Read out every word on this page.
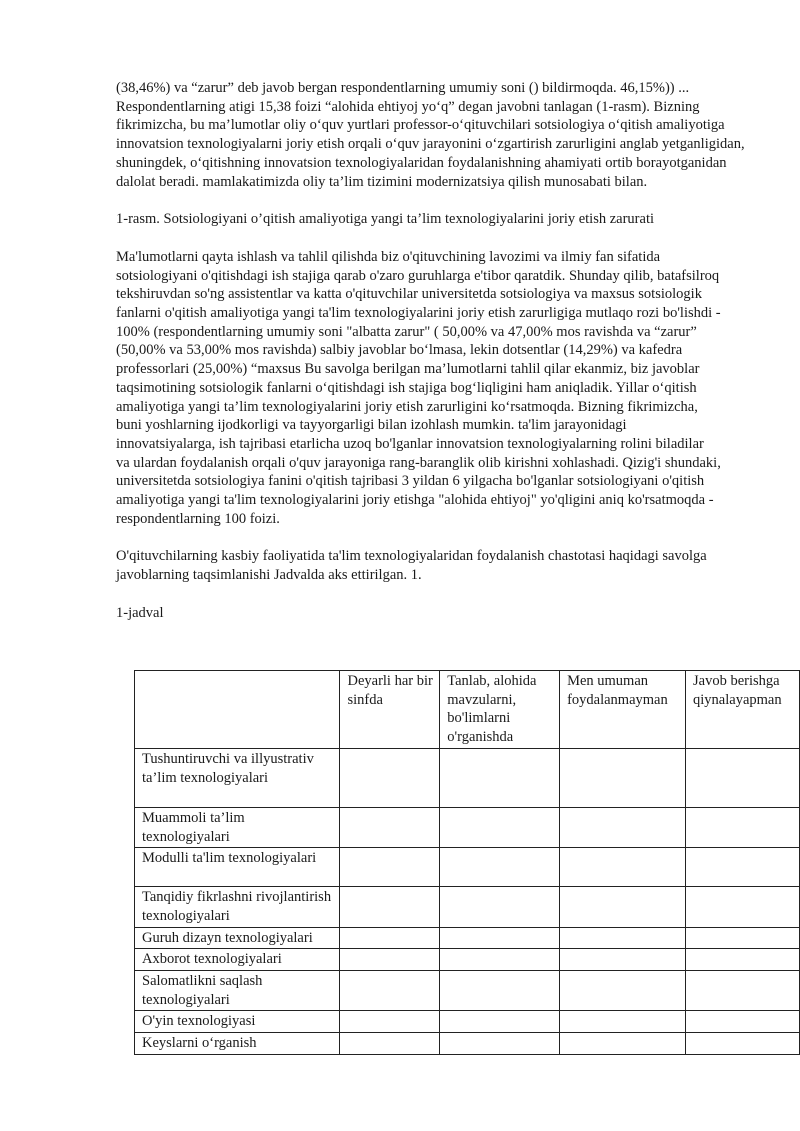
(38,46%) va “zarur” deb javob bergan respondentlarning umumiy soni () bildirmoqda. 46,15%)) ... Respondentlarning atigi 15,38 foizi “alohida ehtiyoj yo‘q” degan javobni tanlagan (1-rasm). Bizning fikrimizcha, bu ma’lumotlar oliy o‘quv yurtlari professor-o‘qituvchilari sotsiologiya o‘qitish amaliyotiga innovatsion texnologiyalarni joriy etish orqali o‘quv jarayonini o‘zgartirish zarurligini anglab yetganligidan, shuningdek, o‘qitishning innovatsion texnologiyalaridan foydalanishning ahamiyati ortib borayotganidan dalolat beradi. mamlakatimizda oliy ta’lim tizimini modernizatsiya qilish munosabati bilan.

1-rasm. Sotsiologiyani o’qitish amaliyotiga yangi ta’lim texnologiyalarini joriy etish zarurati

Ma'lumotlarni qayta ishlash va tahlil qilishda biz o'qituvchining lavozimi va ilmiy fan sifatida sotsiologiyani o'qitishdagi ish stajiga qarab o'zaro guruhlarga e'tibor qaratdik. Shunday qilib, batafsilroq tekshiruvdan so'ng assistentlar va katta o'qituvchilar universitetda sotsiologiya va maxsus sotsiologik fanlarni o'qitish amaliyotiga yangi ta'lim texnologiyalarini joriy etish zarurligiga mutlaqo rozi bo'lishdi - 100% (respondentlarning umumiy soni "albatta zarur" ( 50,00% va 47,00% mos ravishda va “zarur” (50,00% va 53,00% mos ravishda) salbiy javoblar bo‘lmasa, lekin dotsentlar (14,29%) va kafedra professorlari (25,00%) “maxsus Bu savolga berilgan ma’lumotlarni tahlil qilar ekanmiz, biz javoblar taqsimotining sotsiologik fanlarni o‘qitishdagi ish stajiga bog‘liqligini ham aniqladik. Yillar o‘qitish amaliyotiga yangi ta’lim texnologiyalarini joriy etish zarurligini ko‘rsatmoqda. Bizning fikrimizcha, buni yoshlarning ijodkorligi va tayyorgarligi bilan izohlash mumkin. ta'lim jarayonidagi innovatsiyalarga, ish tajribasi etarlicha uzoq bo'lganlar innovatsion texnologiyalarning rolini biladilar va ulardan foydalanish orqali o'quv jarayoniga rang-baranglik olib kirishni xohlashadi. Qizig'i shundaki, universitetda sotsiologiya fanini o'qitish tajribasi 3 yildan 6 yilgacha bo'lganlar sotsiologiyani o'qitish amaliyotiga yangi ta'lim texnologiyalarini joriy etishga "alohida ehtiyoj" yo'qligini aniq ko'rsatmoqda - respondentlarning 100 foizi.

O'qituvchilarning kasbiy faoliyatida ta'lim texnologiyalaridan foydalanish chastotasi haqidagi savolga javoblarning taqsimlanishi Jadvalda aks ettirilgan. 1.

1-jadval

	Deyarli har bir sinfda	Tanlab, alohida mavzularni, bo'limlarni o'rganishda	Men umuman foydalanmayman	Javob berishga qiynalayapman
Tushuntiruvchi va illyustrativ ta’lim texnologiyalari				
Muammoli ta’lim texnologiyalari				
Modulli ta'lim texnologiyalari				
Tanqidiy fikrlashni rivojlantirish texnologiyalari				
Guruh dizayn texnologiyalari				
Axborot texnologiyalari				
Salomatlikni saqlash texnologiyalari				
O'yin texnologiyasi				
Keyslarni o‘rganish				
